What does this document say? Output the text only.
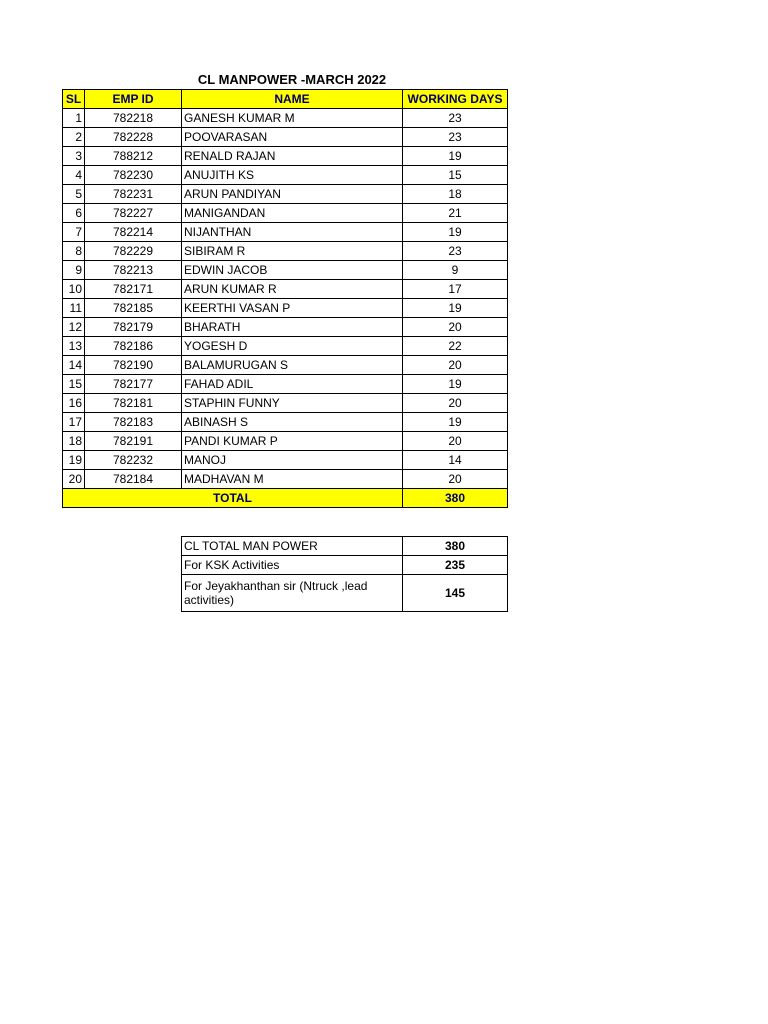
CL MANPOWER -MARCH 2022
SL	EMP ID	NAME	WORKING DAYS
1	782218	GANESH KUMAR M	23
2	782228	POOVARASAN	23
3	788212	RENALD RAJAN	19
4	782230	ANUJITH KS	15
5	782231	ARUN PANDIYAN	18
6	782227	MANIGANDAN	21
7	782214	NIJANTHAN	19
8	782229	SIBIRAM R	23
9	782213	EDWIN JACOB	9
10	782171	ARUN KUMAR R	17
11	782185	KEERTHI VASAN P	19
12	782179	BHARATH	20
13	782186	YOGESH D	22
14	782190	BALAMURUGAN S	20
15	782177	FAHAD ADIL	19
16	782181	STAPHIN FUNNY	20
17	782183	ABINASH S	19
18	782191	PANDI KUMAR P	20
19	782232	MANOJ	14
20	782184	MADHAVAN M	20
TOTAL			380
CL TOTAL MAN POWER	380
For KSK Activities	235
For Jeyakhanthan sir (Ntruck ,lead activities)	145
